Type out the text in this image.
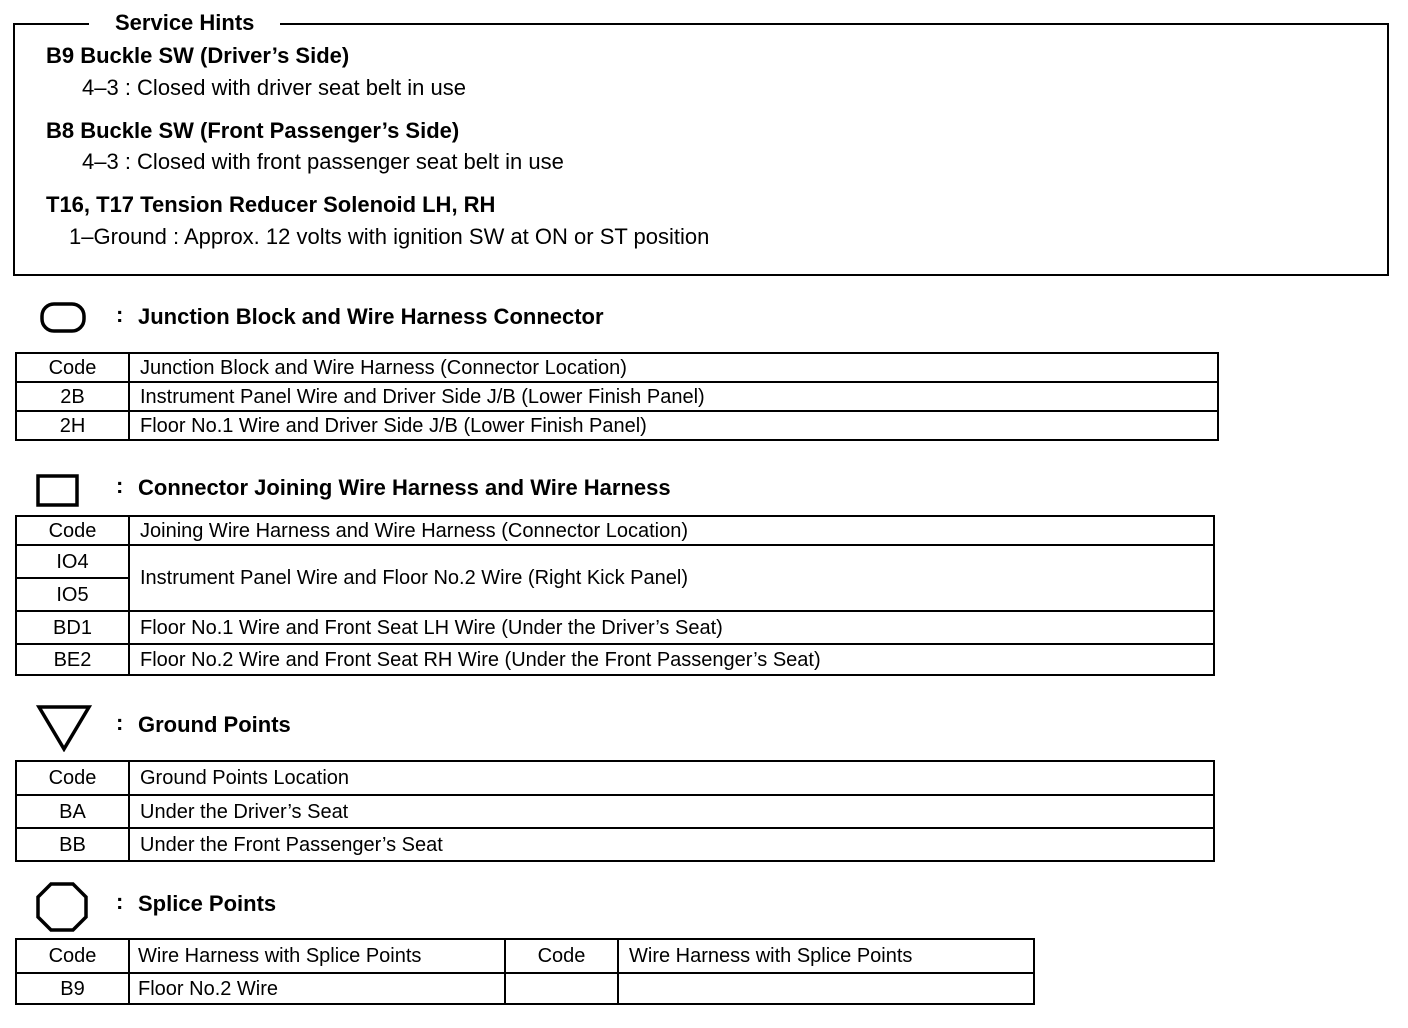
Service Hints
B9 Buckle SW (Driver’s Side)
4–3 : Closed with driver seat belt in use
B8 Buckle SW (Front Passenger’s Side)
4–3 : Closed with front passenger seat belt in use
T16, T17 Tension Reducer Solenoid LH, RH
1–Ground : Approx. 12 volts with ignition SW at ON or ST position
: Junction Block and Wire Harness Connector
Code	Junction Block and Wire Harness (Connector Location)
2B	Instrument Panel Wire and Driver Side J/B (Lower Finish Panel)
2H	Floor No.1 Wire and Driver Side J/B (Lower Finish Panel)
: Connector Joining Wire Harness and Wire Harness
Code	Joining Wire Harness and Wire Harness (Connector Location)
IO4	Instrument Panel Wire and Floor No.2 Wire (Right Kick Panel)
IO5	
BD1	Floor No.1 Wire and Front Seat LH Wire (Under the Driver’s Seat)
BE2	Floor No.2 Wire and Front Seat RH Wire (Under the Front Passenger’s Seat)
: Ground Points
Code	Ground Points Location
BA	Under the Driver’s Seat
BB	Under the Front Passenger’s Seat
: Splice Points
Code	Wire Harness with Splice Points	Code	Wire Harness with Splice Points
B9	Floor No.2 Wire		
